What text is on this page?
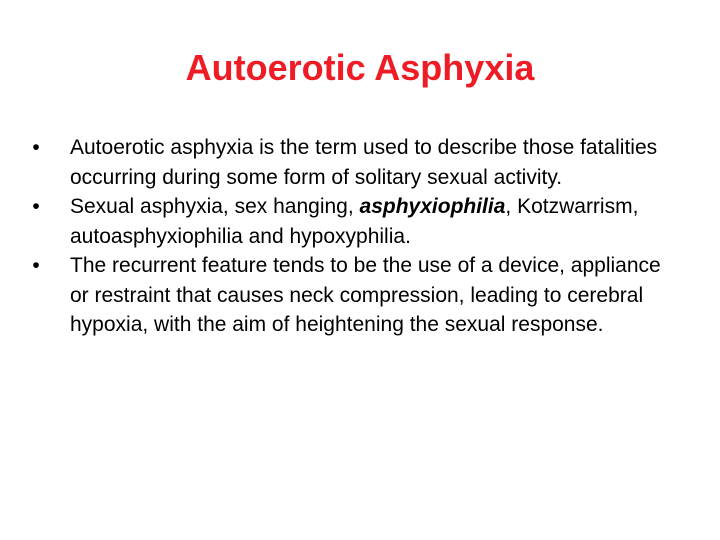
Autoerotic Asphyxia
•	Autoerotic asphyxia is the term used to describe those fatalities occurring during some form of solitary sexual activity.
•	Sexual asphyxia, sex hanging, asphyxiophilia, Kotzwarrism, autoasphyxiophilia and hypoxyphilia.
•	The recurrent feature tends to be the use of a device, appliance or restraint that causes neck compression, leading to cerebral hypoxia, with the aim of heightening the sexual response.
